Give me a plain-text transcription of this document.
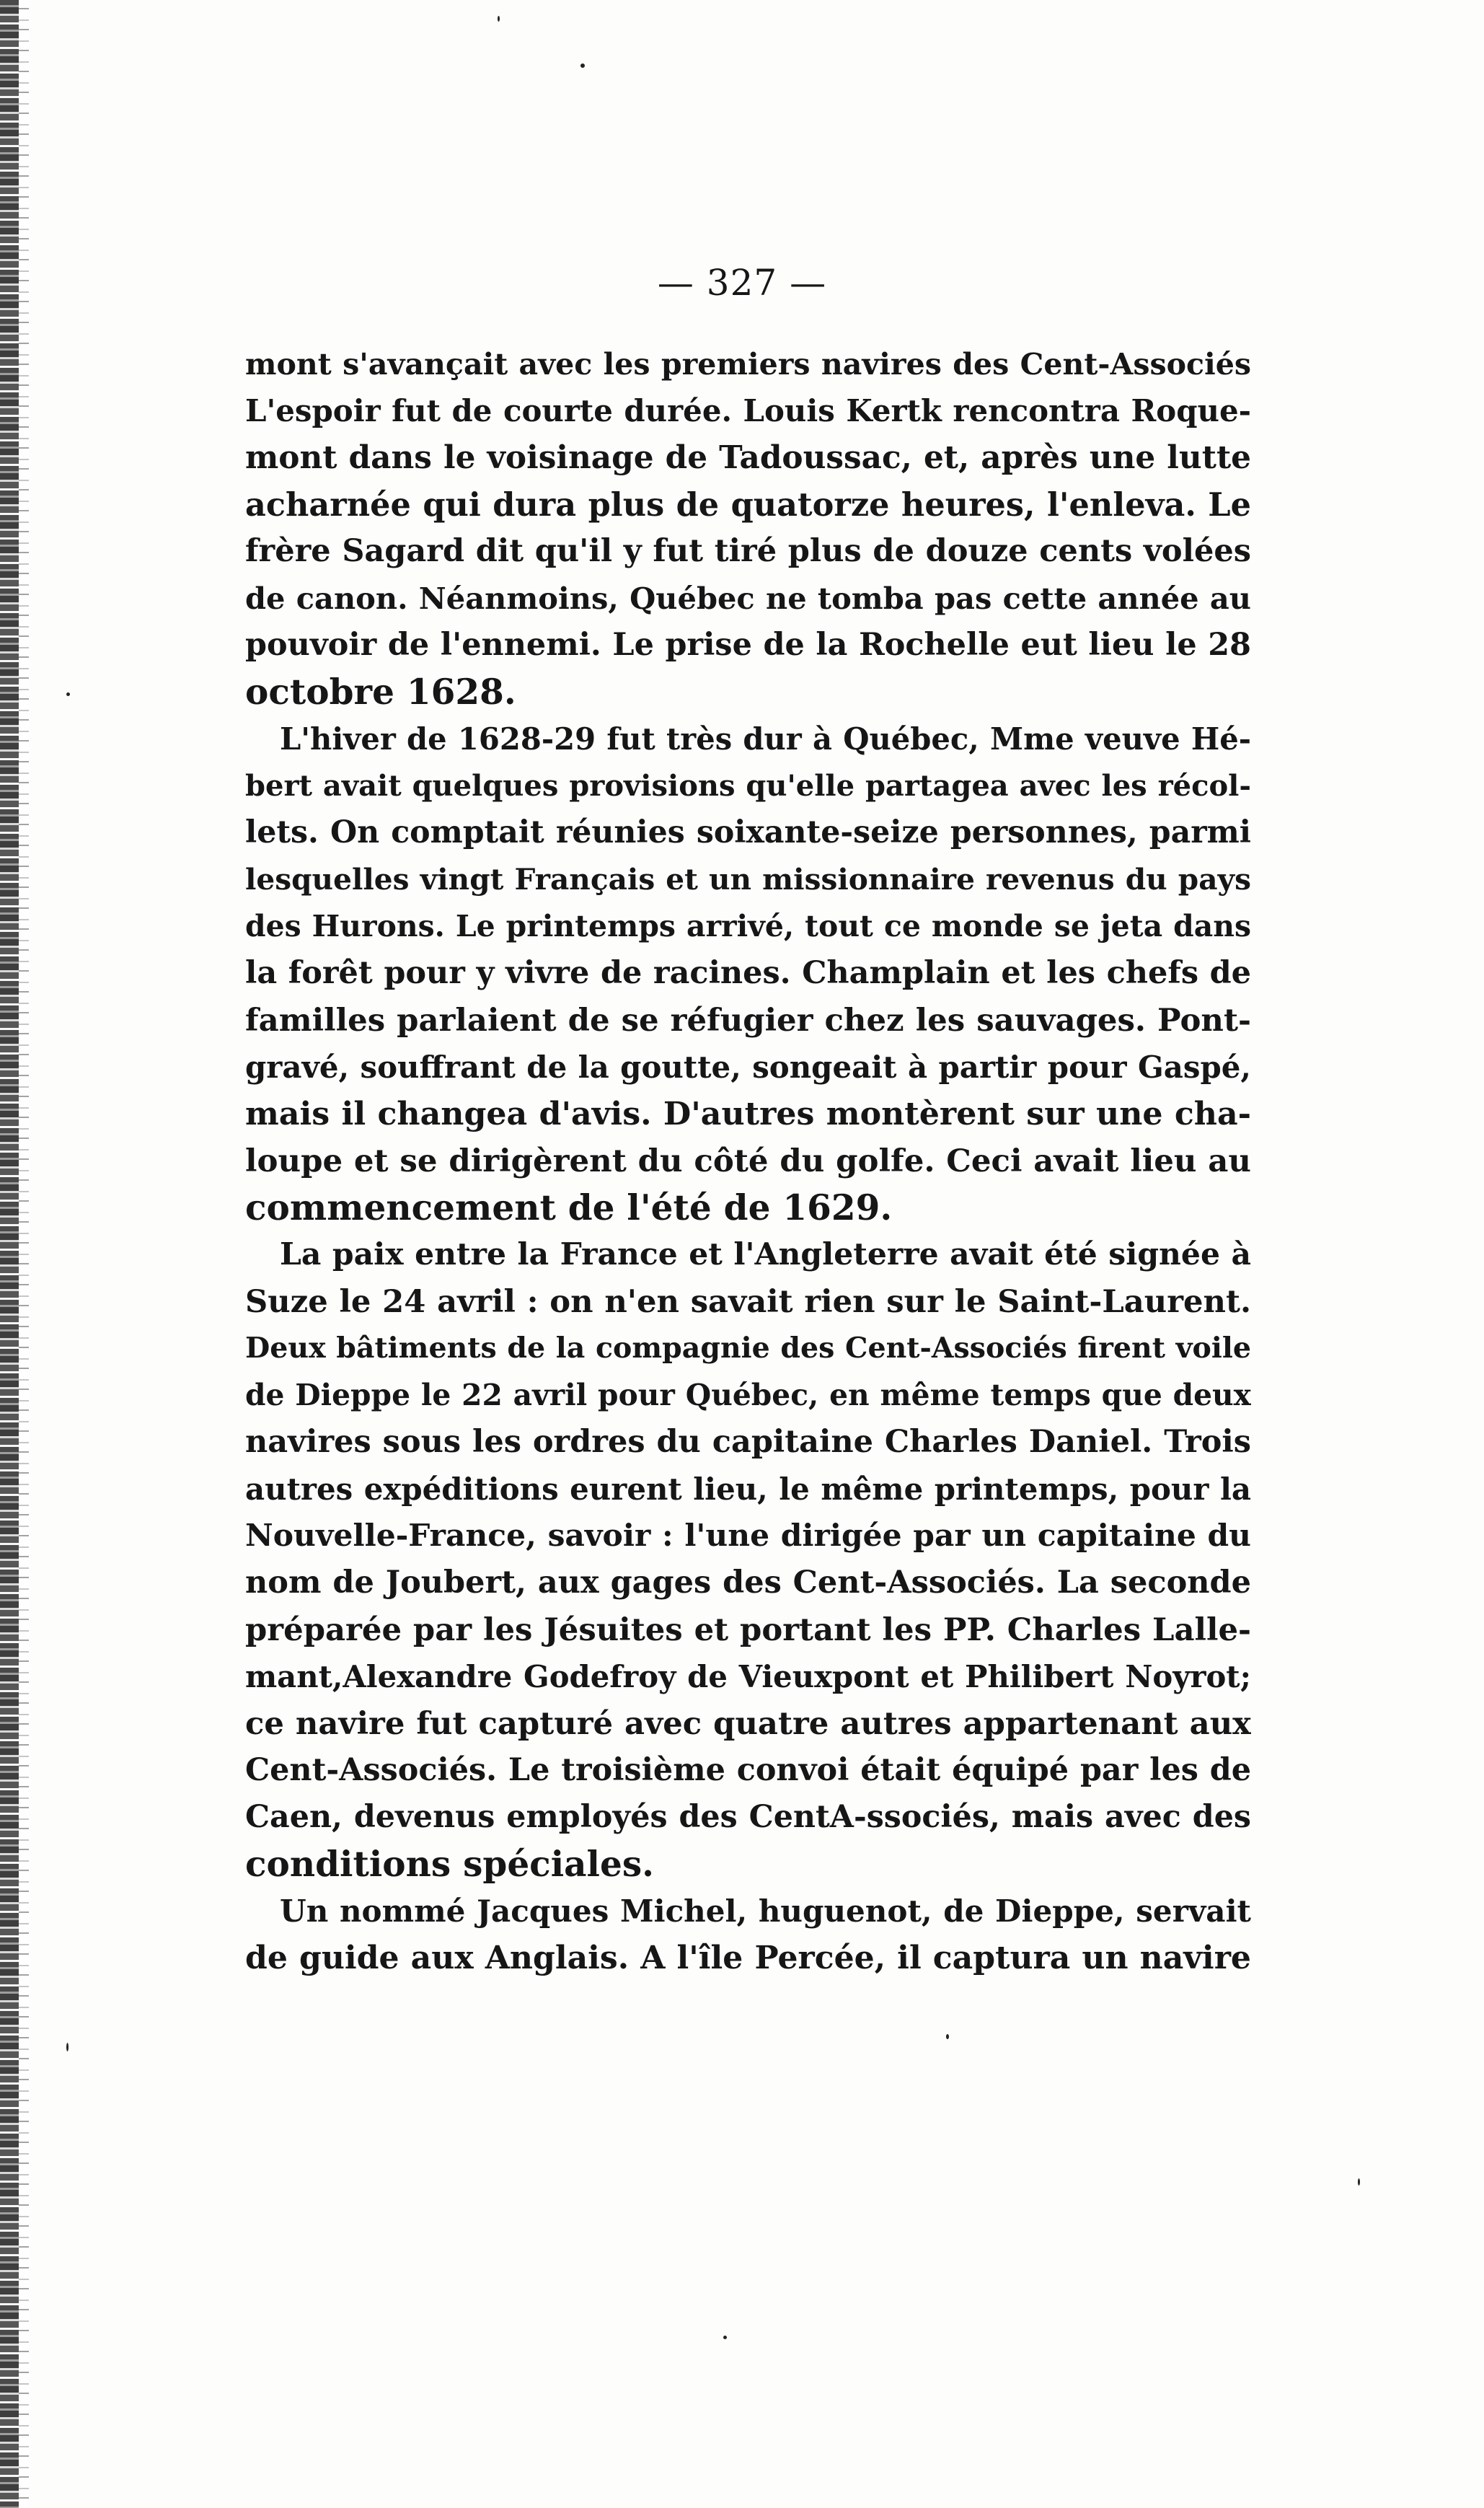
— 327 —
mont s'avançait avec les premiers navires des Cent-Associés
L'espoir fut de courte durée. Louis Kertk rencontra Roque-
mont dans le voisinage de Tadoussac, et, après une lutte
acharnée qui dura plus de quatorze heures, l'enleva. Le
frère Sagard dit qu'il y fut tiré plus de douze cents volées
de canon. Néanmoins, Québec ne tomba pas cette année au
pouvoir de l'ennemi. Le prise de la Rochelle eut lieu le 28
octobre 1628.
L'hiver de 1628-29 fut très dur à Québec, Mme veuve Hé-
bert avait quelques provisions qu'elle partagea avec les récol-
lets. On comptait réunies soixante-seize personnes, parmi
lesquelles vingt Français et un missionnaire revenus du pays
des Hurons. Le printemps arrivé, tout ce monde se jeta dans
la forêt pour y vivre de racines. Champlain et les chefs de
familles parlaient de se réfugier chez les sauvages. Pont-
gravé, souffrant de la goutte, songeait à partir pour Gaspé,
mais il changea d'avis. D'autres montèrent sur une cha-
loupe et se dirigèrent du côté du golfe. Ceci avait lieu au
commencement de l'été de 1629.
La paix entre la France et l'Angleterre avait été signée à
Suze le 24 avril : on n'en savait rien sur le Saint-Laurent.
Deux bâtiments de la compagnie des Cent-Associés firent voile
de Dieppe le 22 avril pour Québec, en même temps que deux
navires sous les ordres du capitaine Charles Daniel. Trois
autres expéditions eurent lieu, le même printemps, pour la
Nouvelle-France, savoir : l'une dirigée par un capitaine du
nom de Joubert, aux gages des Cent-Associés. La seconde
préparée par les Jésuites et portant les PP. Charles Lalle-
mant,Alexandre Godefroy de Vieuxpont et Philibert Noyrot;
ce navire fut capturé avec quatre autres appartenant aux
Cent-Associés. Le troisième convoi était équipé par les de
Caen, devenus employés des CentA-ssociés, mais avec des
conditions spéciales.
Un nommé Jacques Michel, huguenot, de Dieppe, servait
de guide aux Anglais. A l'île Percée, il captura un navire
